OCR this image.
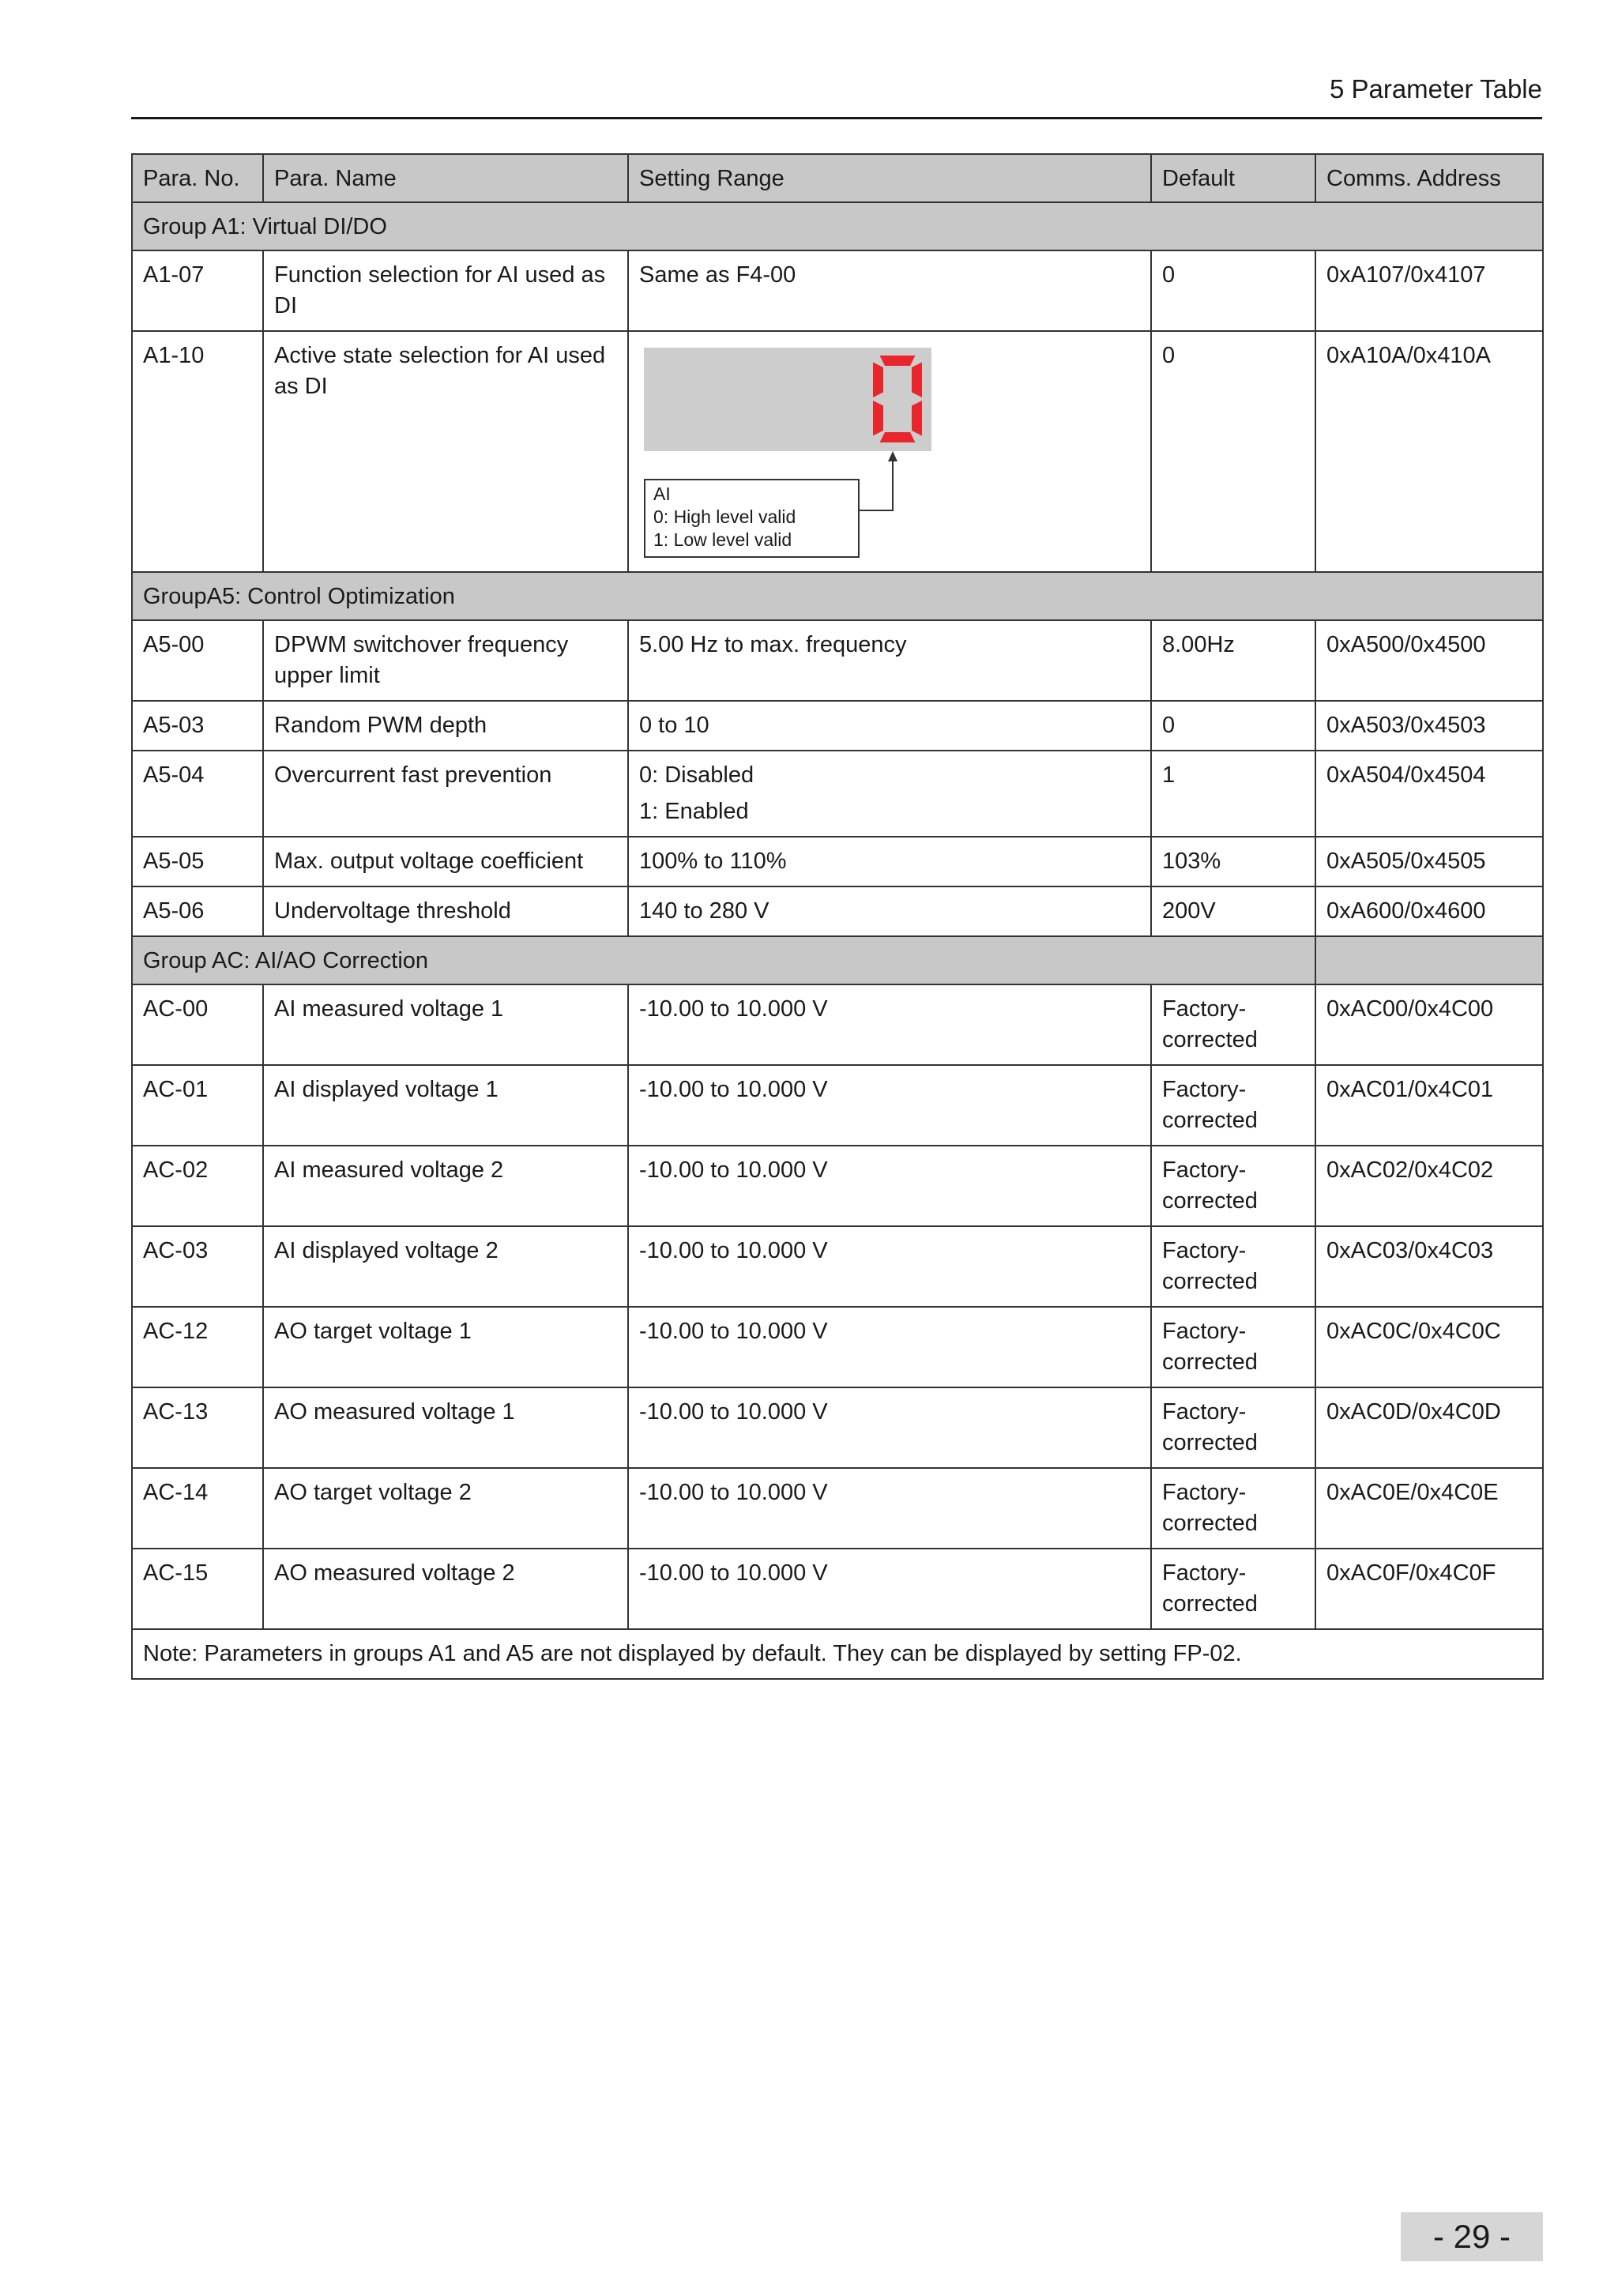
5 Parameter Table
Para. No.	Para. Name	Setting Range	Default	Comms. Address
Group A1: Virtual DI/DO				
A1-07	Function selection for AI used as DI	Same as F4-00	0	0xA107/0x4107
A1-10	Active state selection for AI used as DI	AI
0: High level valid
1: Low level valid	0	0xA10A/0x410A
GroupA5: Control Optimization				
A5-00	DPWM switchover frequency upper limit	5.00 Hz to max. frequency	8.00Hz	0xA500/0x4500
A5-03	Random PWM depth	0 to 10	0	0xA503/0x4503
A5-04	Overcurrent fast prevention	0: Disabled
1: Enabled	1	0xA504/0x4504
A5-05	Max. output voltage coefficient	100% to 110%	103%	0xA505/0x4505
A5-06	Undervoltage threshold	140 to 280 V	200V	0xA600/0x4600
Group AC: AI/AO Correction				
AC-00	AI measured voltage 1	-10.00 to 10.000 V	Factory-corrected	0xAC00/0x4C00
AC-01	AI displayed voltage 1	-10.00 to 10.000 V	Factory-corrected	0xAC01/0x4C01
AC-02	AI measured voltage 2	-10.00 to 10.000 V	Factory-corrected	0xAC02/0x4C02
AC-03	AI displayed voltage 2	-10.00 to 10.000 V	Factory-corrected	0xAC03/0x4C03
AC-12	AO target voltage 1	-10.00 to 10.000 V	Factory-corrected	0xAC0C/0x4C0C
AC-13	AO measured voltage 1	-10.00 to 10.000 V	Factory-corrected	0xAC0D/0x4C0D
AC-14	AO target voltage 2	-10.00 to 10.000 V	Factory-corrected	0xAC0E/0x4C0E
AC-15	AO measured voltage 2	-10.00 to 10.000 V	Factory-corrected	0xAC0F/0x4C0F
Note: Parameters in groups A1 and A5 are not displayed by default. They can be displayed by setting FP-02.				
- 29 -
